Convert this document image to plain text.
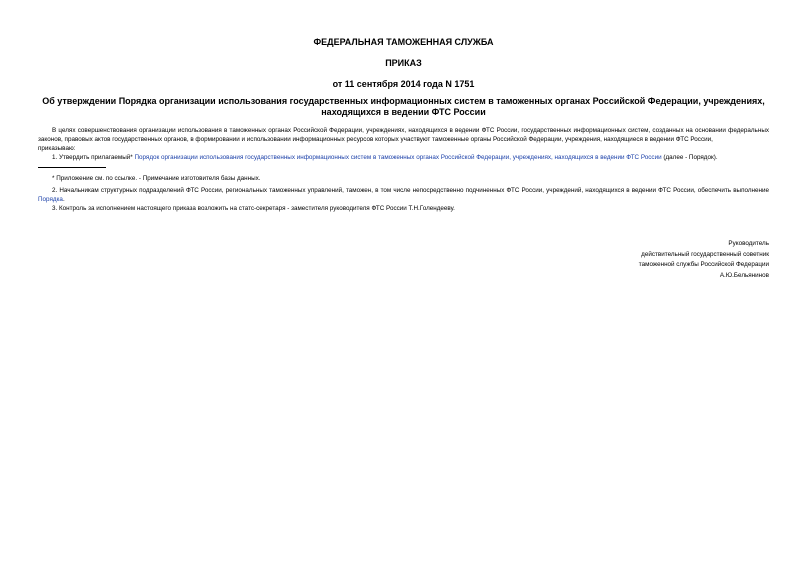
ФЕДЕРАЛЬНАЯ ТАМОЖЕННАЯ СЛУЖБА
ПРИКАЗ
от 11 сентября 2014 года N 1751
Об утверждении Порядка организации использования государственных информационных систем в таможенных органах Российской Федерации, учреждениях, находящихся в ведении ФТС России

В целях совершенствования организации использования в таможенных органах Российской Федерации, учреждениях, находящихся в ведении ФТС России, государственных информационных систем, созданных на основании федеральных законов, правовых актов государственных органов, в формировании и использовании информационных ресурсов которых участвуют таможенные органы Российской Федерации, учреждения, находящиеся в ведении ФТС России,

приказываю:

1. Утвердить прилагаемый* Порядок организации использования государственных информационных систем в таможенных органах Российской Федерации, учреждениях, находящихся в ведении ФТС России (далее - Порядок).

* Приложение см. по ссылке. - Примечание изготовителя базы данных.

2. Начальникам структурных подразделений ФТС России, региональных таможенных управлений, таможен, в том числе непосредственно подчиненных ФТС России, учреждений, находящихся в ведении ФТС России, обеспечить выполнение Порядка.

3. Контроль за исполнением настоящего приказа возложить на статс-секретаря - заместителя руководителя ФТС России Т.Н.Голендееву.

Руководитель
действительный государственный советник
таможенной службы Российской Федерации
А.Ю.Бельянинов
